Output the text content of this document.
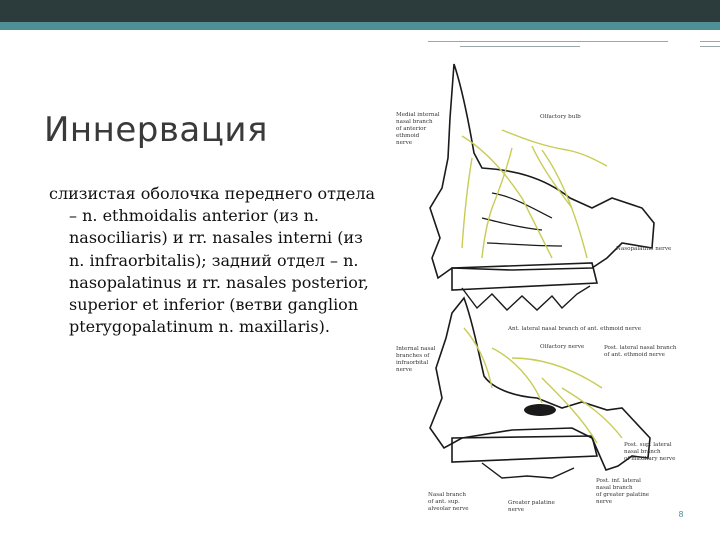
Иннервация
слизистая оболочка переднего отдела – n. ethmoidalis anterior (из n. nasociliaris) и rr. nasales interni (из n. infraorbitalis); задний отдел – n. nasopalatinus и rr. nasales posterior, superior et inferior (ветви ganglion pterygopalatinum n. maxillaris).
Medial internal nasal branch of anterior ethmoid nerve
Olfactory bulb
Nasopalatine nerve
Ant. lateral nasal branch of ant. ethmoid nerve
Olfactory nerve	Post. lateral nasal branch of ant. ethmoid nerve
Internal nasal branches of infraorbital nerve
Post. sup. lateral nasal branch of maxillary nerve
Post. inf. lateral nasal branch of greater palatine nerve
Nasal branch of ant. sup. alveolar nerve
Greater palatine nerve	8
